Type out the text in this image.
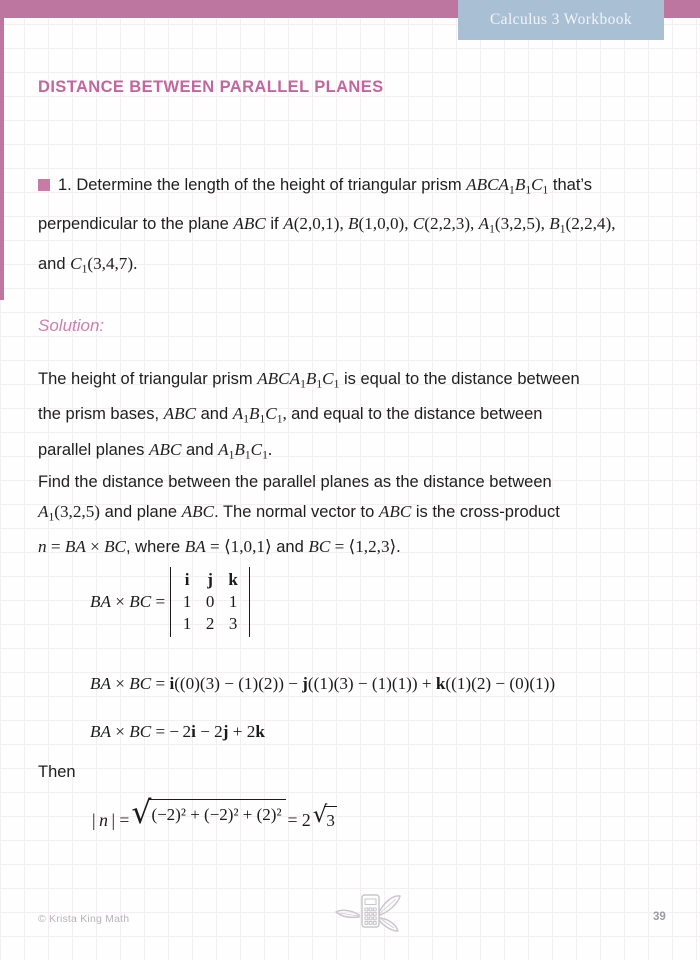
Calculus 3 Workbook
DISTANCE BETWEEN PARALLEL PLANES
1. Determine the length of the height of triangular prism $ABCA_1B_1C_1$ that’s
perpendicular to the plane ABC if A(2,0,1), B(1,0,0), C(2,2,3), $A_1(3,2,5)$, $B_1(2,2,4)$,
and $C_1(3,4,7)$.
Solution:
The height of triangular prism $ABCA_1B_1C_1$ is equal to the distance between
the prism bases, ABC and $A_1B_1C_1$, and equal to the distance between
parallel planes ABC and $A_1B_1C_1$.
Find the distance between the parallel planes as the distance between
$A_1(3,2,5)$ and plane ABC. The normal vector to ABC is the cross-product
n = BA × BC, where BA = ⟨1,0,1⟩ and BC = ⟨1,2,3⟩.
BA × BC =
i j k
1 0 1
1 2 3
BA × BC = i((0)(3) − (1)(2)) − j((1)(3) − (1)(1)) + k((1)(2) − (0)(1))
BA × BC = − 2i − 2j + 2k
Then
| n | = √ (−2)² + (−2)² + (2)² = 2 √ 3
© Krista King Math	39
